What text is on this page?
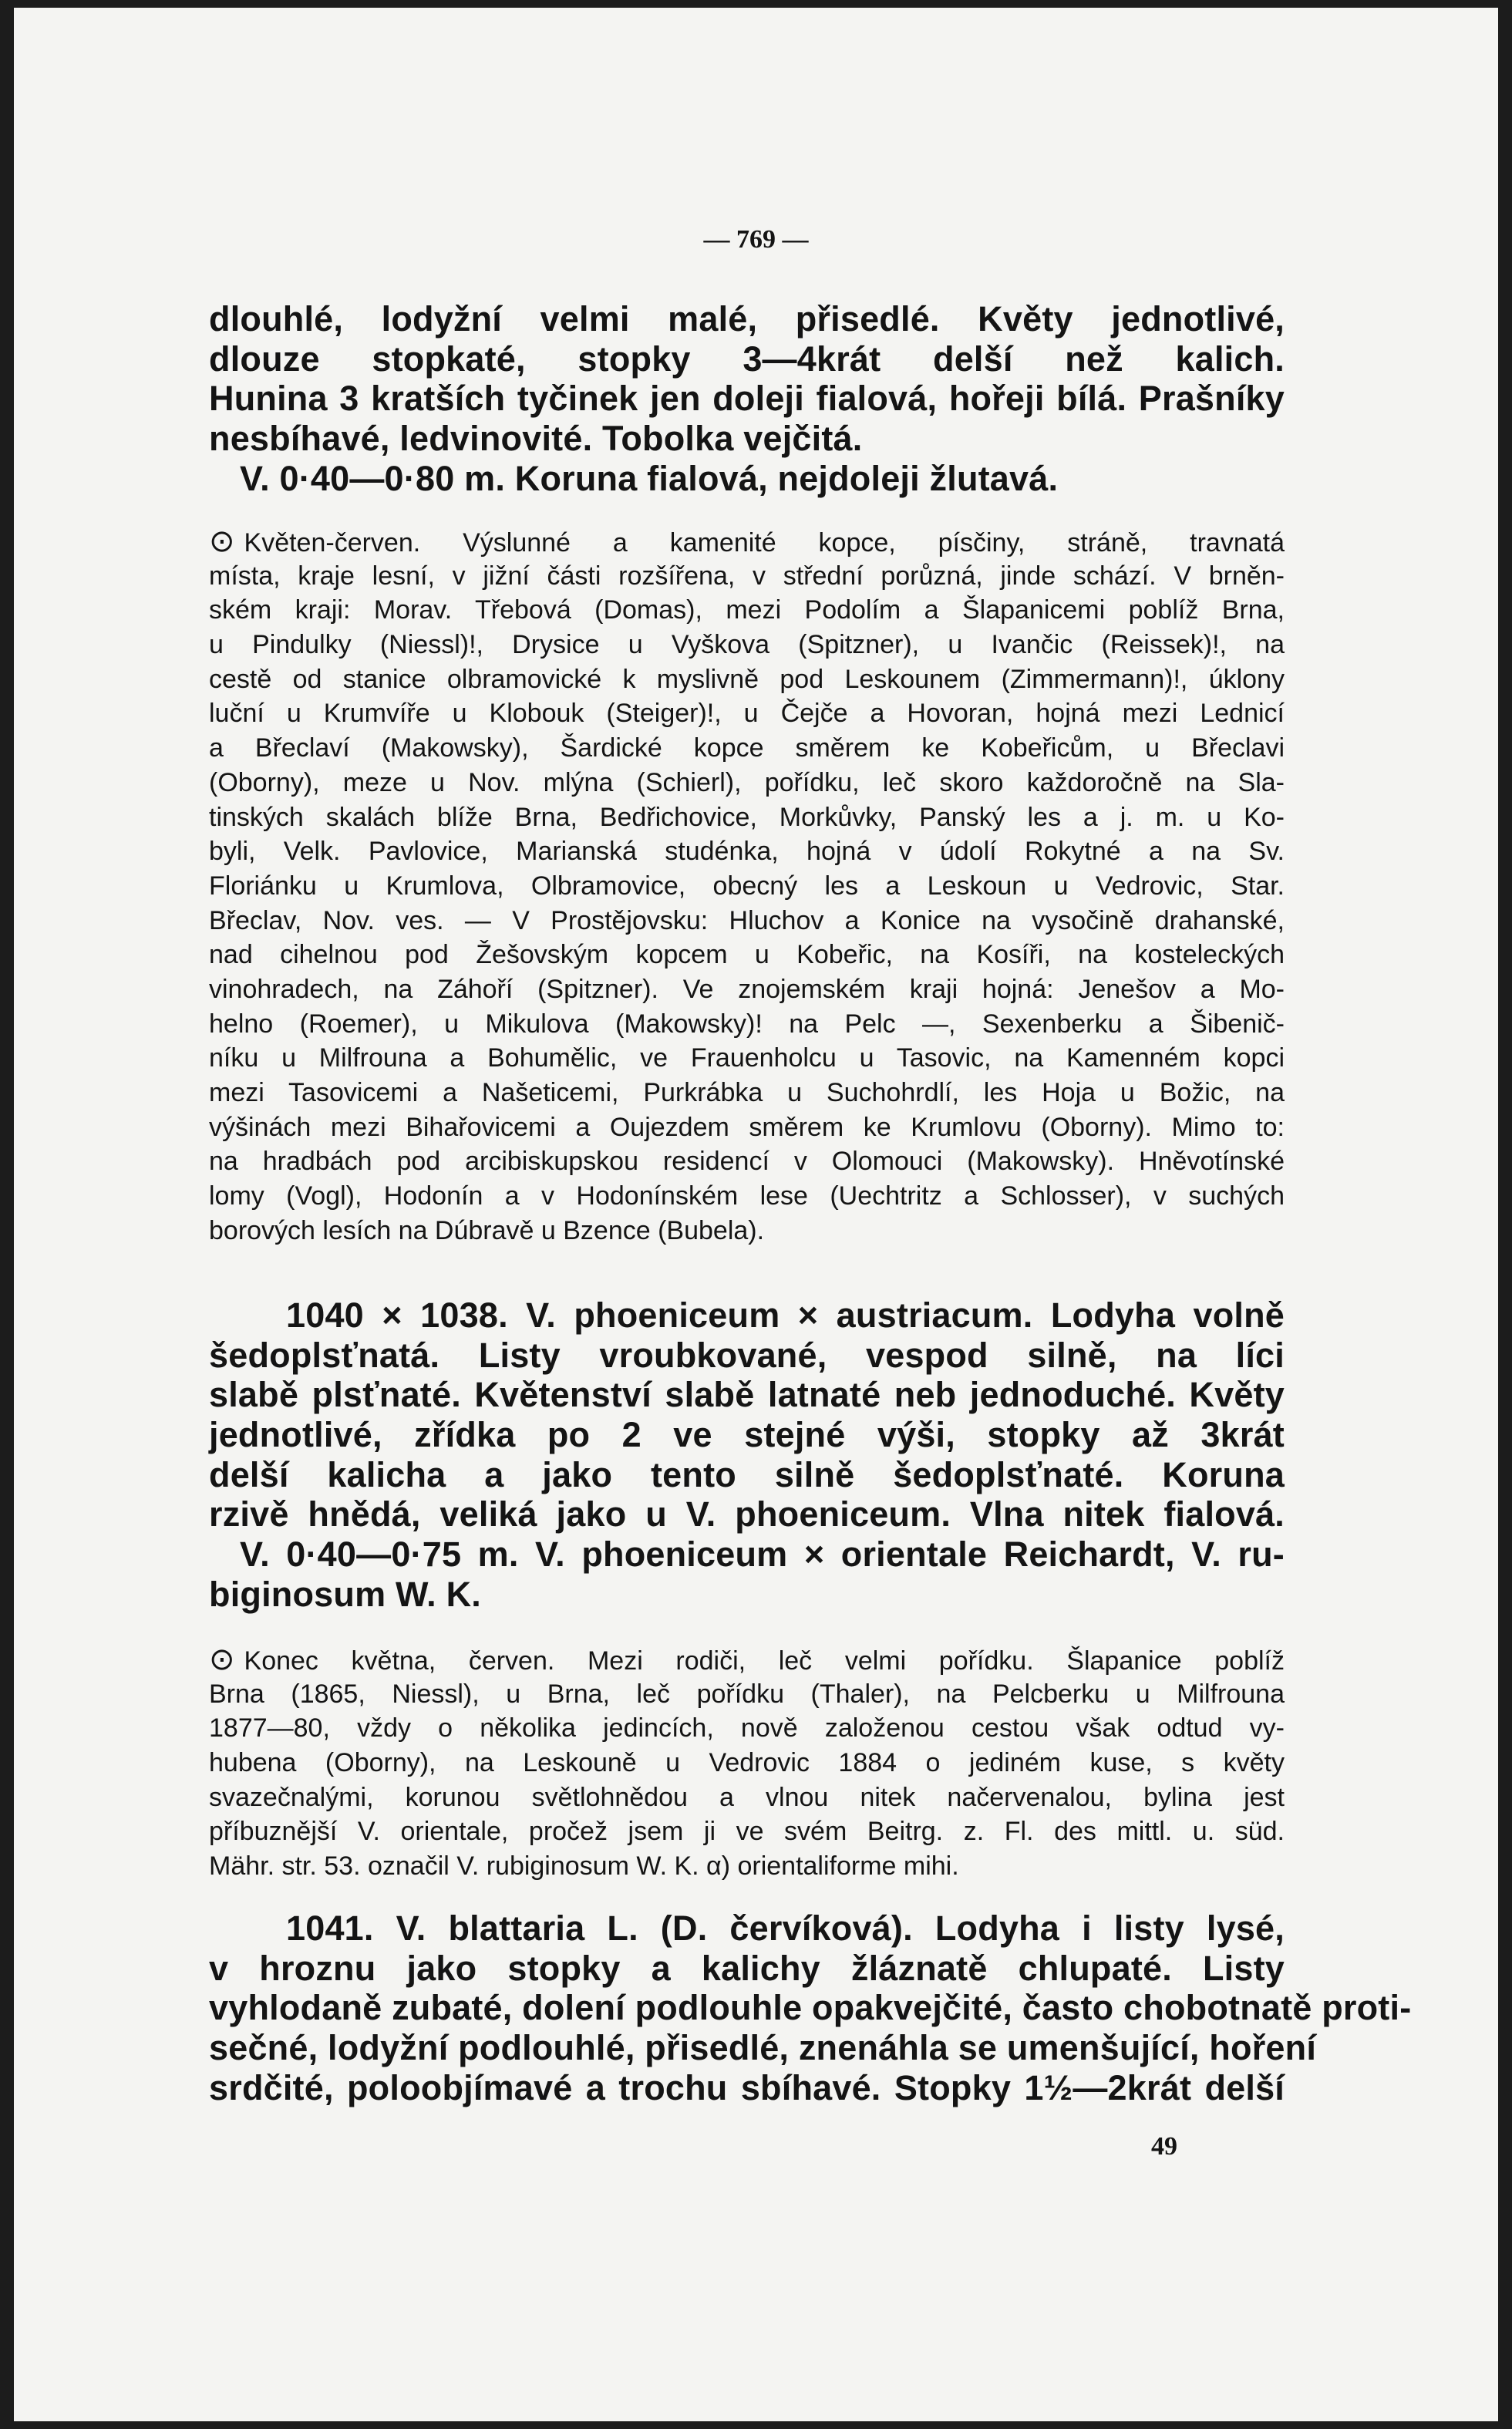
— 769 —
dlouhlé, lodyžní velmi malé, přisedlé. Květy jednotlivé,
dlouze stopkaté, stopky 3—4krát delší než kalich.
Hunina 3 kratších tyčinek jen doleji fialová, hořeji bílá. Prašníky
nesbíhavé, ledvinovité. Tobolka vejčitá.
V. 0·40—0·80 m. Koruna fialová, nejdoleji žlutavá.
⊙ Květen-červen. Výslunné a kamenité kopce, písčiny, stráně, travnatá
místa, kraje lesní, v jižní části rozšířena, v střední porůzná, jinde schází. V brněn-
ském kraji: Morav. Třebová (Domas), mezi Podolím a Šlapanicemi poblíž Brna,
u Pindulky (Niessl)!, Drysice u Vyškova (Spitzner), u Ivančic (Reissek)!, na
cestě od stanice olbramovické k myslivně pod Leskounem (Zimmermann)!, úklony
luční u Krumvíře u Klobouk (Steiger)!, u Čejče a Hovoran, hojná mezi Lednicí
a Břeclaví (Makowsky), Šardické kopce směrem ke Kobeřicům, u Břeclavi
(Oborny), meze u Nov. mlýna (Schierl), pořídku, leč skoro každoročně na Sla-
tinských skalách blíže Brna, Bedřichovice, Morkůvky, Panský les a j. m. u Ko-
byli, Velk. Pavlovice, Marianská studénka, hojná v údolí Rokytné a na Sv.
Floriánku u Krumlova, Olbramovice, obecný les a Leskoun u Vedrovic, Star.
Břeclav, Nov. ves. — V Prostějovsku: Hluchov a Konice na vysočině drahanské,
nad cihelnou pod Žešovským kopcem u Kobeřic, na Kosíři, na kosteleckých
vinohradech, na Záhoří (Spitzner). Ve znojemském kraji hojná: Jenešov a Mo-
helno (Roemer), u Mikulova (Makowsky)! na Pelc —, Sexenberku a Šibenič-
níku u Milfrouna a Bohumělic, ve Frauenholcu u Tasovic, na Kamenném kopci
mezi Tasovicemi a Našeticemi, Purkrábka u Suchohrdlí, les Hoja u Božic, na
výšinách mezi Bihařovicemi a Oujezdem směrem ke Krumlovu (Oborny). Mimo to:
na hradbách pod arcibiskupskou residencí v Olomouci (Makowsky). Hněvotínské
lomy (Vogl), Hodonín a v Hodonínském lese (Uechtritz a Schlosser), v suchých
borových lesích na Dúbravě u Bzence (Bubela).
1040 × 1038. V. phoeniceum × austriacum. Lodyha volně
šedoplsťnatá. Listy vroubkované, vespod silně, na líci
slabě plsťnaté. Květenství slabě latnaté neb jednoduché. Květy
jednotlivé, zřídka po 2 ve stejné výši, stopky až 3krát
delší kalicha a jako tento silně šedoplsťnaté. Koruna
rzivě hnědá, veliká jako u V. phoeniceum. Vlna nitek fialová.
V. 0·40—0·75 m. V. phoeniceum × orientale Reichardt, V. ru-
biginosum W. K.
⊙ Konec května, červen. Mezi rodiči, leč velmi pořídku. Šlapanice poblíž
Brna (1865, Niessl), u Brna, leč pořídku (Thaler), na Pelcberku u Milfrouna
1877—80, vždy o několika jedincích, nově založenou cestou však odtud vy-
hubena (Oborny), na Leskouně u Vedrovic 1884 o jediném kuse, s květy
svazečnalými, korunou světlohnědou a vlnou nitek načervenalou, bylina jest
příbuznější V. orientale, pročež jsem ji ve svém Beitrg. z. Fl. des mittl. u. süd.
Mähr. str. 53. označil V. rubiginosum W. K. α) orientaliforme mihi.
1041. V. blattaria L. (D. červíková). Lodyha i listy lysé,
v hroznu jako stopky a kalichy žláznatě chlupaté. Listy
vyhlodaně zubaté, dolení podlouhle opakvejčité, často chobotnatě proti-
sečné, lodyžní podlouhlé, přisedlé, znenáhla se umenšující, hoření
srdčité, poloobjímavé a trochu sbíhavé. Stopky 1½—2krát delší
49
